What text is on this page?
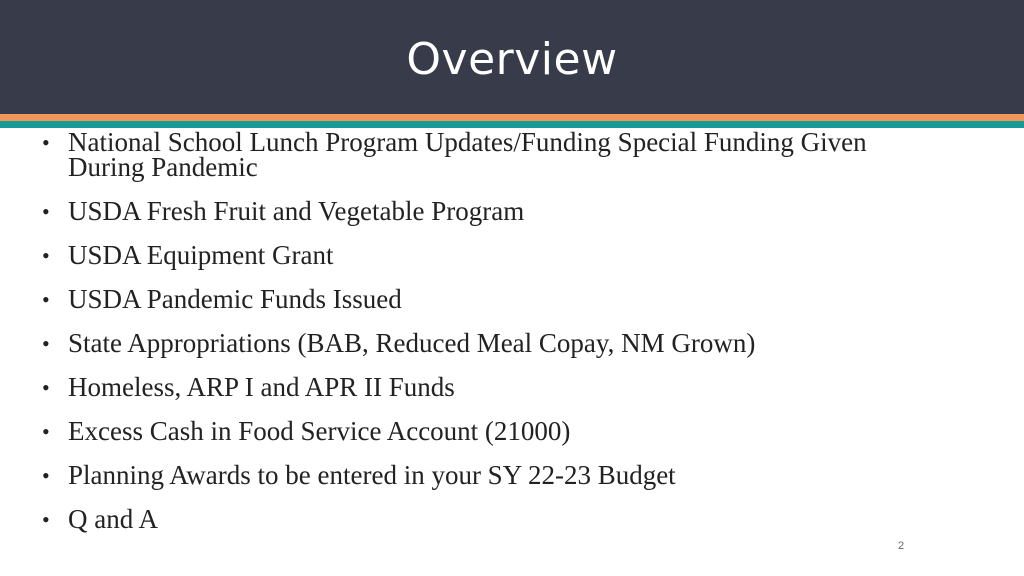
Overview
• National School Lunch Program Updates/Funding Special Funding Given During Pandemic
• USDA Fresh Fruit and Vegetable Program
• USDA Equipment Grant
• USDA Pandemic Funds Issued
• State Appropriations (BAB, Reduced Meal Copay, NM Grown)
• Homeless, ARP I and APR II Funds
• Excess Cash in Food Service Account (21000)
• Planning Awards to be entered in your SY 22-23 Budget
• Q and A
2
